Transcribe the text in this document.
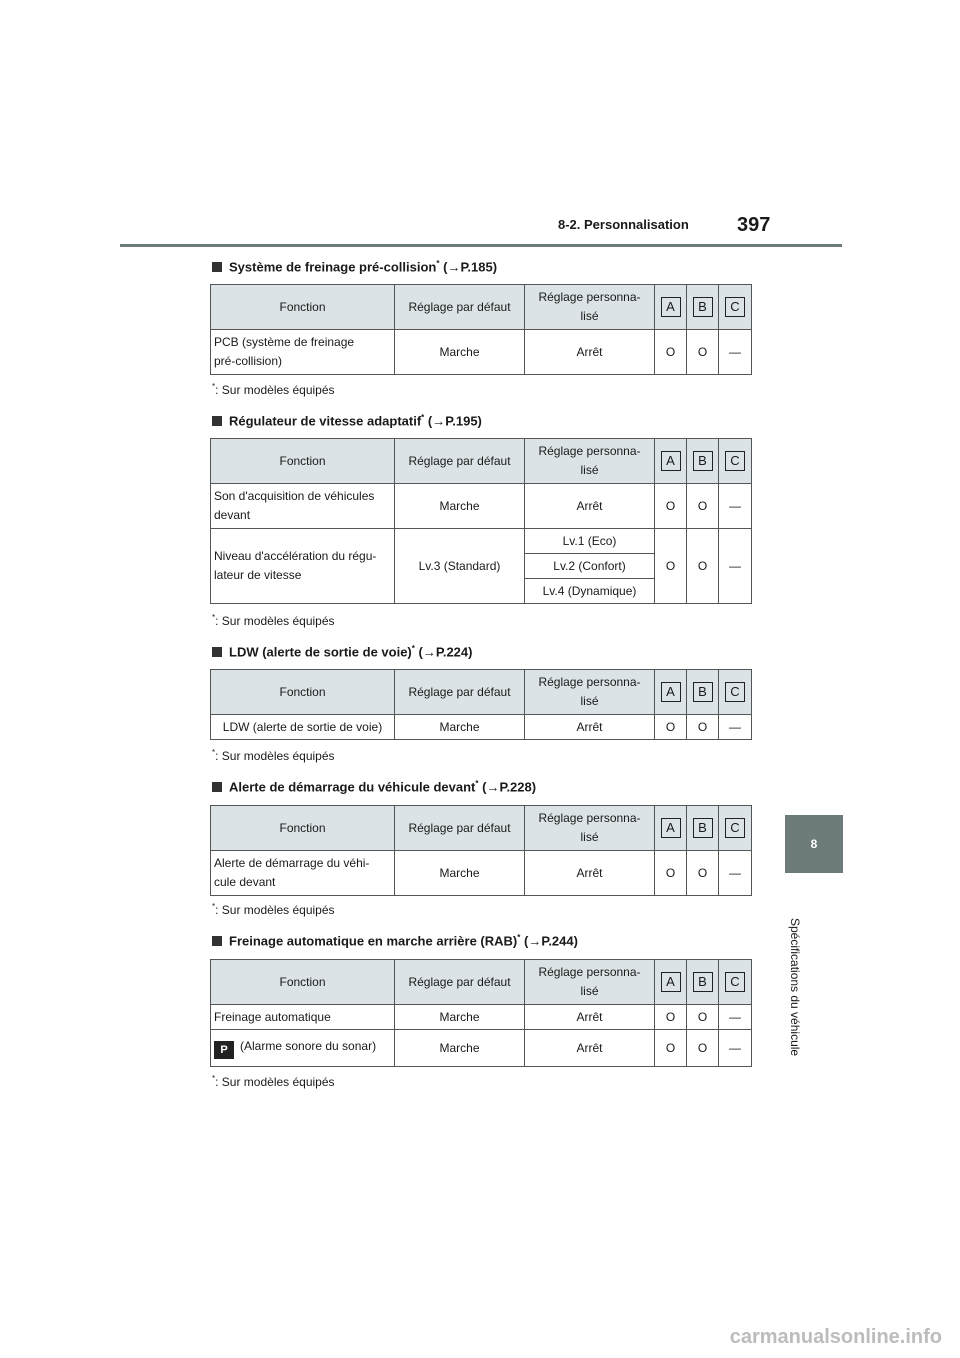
8-2. Personnalisation 397
8
Spécifications du véhicule
Système de freinage pré-collision* (→P.185)
Fonction	Réglage par défaut	Réglage personna-
lisé	A	B	C
PCB (système de freinage
pré-collision)	Marche	Arrêt	O	O	—
*: Sur modèles équipés
Régulateur de vitesse adaptatif* (→P.195)
Fonction	Réglage par défaut	Réglage personna-
lisé	A	B	C
Son d'acquisition de véhicules
devant	Marche	Arrêt	O	O	—
Niveau d'accélération du régu-
lateur de vitesse	Lv.3 (Standard)	Lv.1 (Eco)	O	O	—
		Lv.2 (Confort)			
		Lv.4 (Dynamique)			
*: Sur modèles équipés
LDW (alerte de sortie de voie)* (→P.224)
Fonction	Réglage par défaut	Réglage personna-
lisé	A	B	C
LDW (alerte de sortie de voie)	Marche	Arrêt	O	O	—
*: Sur modèles équipés
Alerte de démarrage du véhicule devant* (→P.228)
Fonction	Réglage par défaut	Réglage personna-
lisé	A	B	C
Alerte de démarrage du véhi-
cule devant	Marche	Arrêt	O	O	—
*: Sur modèles équipés
Freinage automatique en marche arrière (RAB)* (→P.244)
Fonction	Réglage par défaut	Réglage personna-
lisé	A	B	C
Freinage automatique	Marche	Arrêt	O	O	—
P (Alarme sonore du sonar)	Marche	Arrêt	O	O	—
*: Sur modèles équipés
carmanualsonline.info
